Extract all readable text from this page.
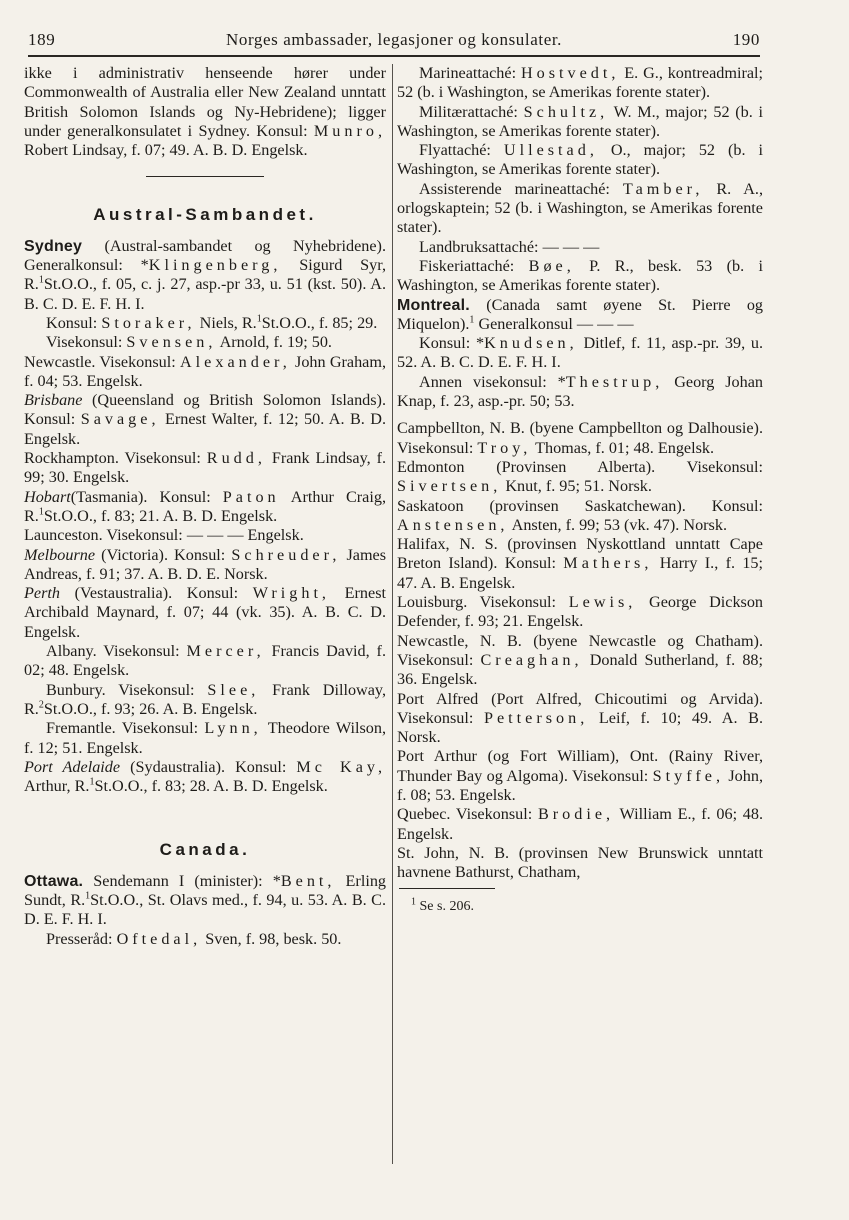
189	Norges ambassader, legasjoner og konsulater.	190

ikke i administrativ henseende hører under Commonwealth of Australia eller New Zealand unntatt British Solomon Islands og Ny-Hebridene); ligger under generalkonsulatet i Sydney. Konsul: Munro, Robert Lindsay, f. 07; 49. A. B. D. Engelsk.

Austral-Sambandet.

Sydney (Austral-sambandet og Nyhebridene). Generalkonsul: *Klingenberg, Sigurd Syr, R.$^1$St.O.O., f. 05, c. j. 27, asp.-pr 33, u. 51 (kst. 50). A. B. C. D. E. F. H. I.

Konsul: Storaker, Niels, R.$^1$St.O.O., f. 85; 29.

Visekonsul: Svensen, Arnold, f. 19; 50.

Newcastle. Visekonsul: Alexander, John Graham, f. 04; 53. Engelsk.

Brisbane (Queensland og British Solomon Islands). Konsul: Savage, Ernest Walter, f. 12; 50. A. B. D. Engelsk.

Rockhampton. Visekonsul: Rudd, Frank Lindsay, f. 99; 30. Engelsk.

Hobart(Tasmania). Konsul: Paton Arthur Craig, R.$^1$St.O.O., f. 83; 21. A. B. D. Engelsk.

Launceston. Visekonsul: — — — Engelsk.

Melbourne (Victoria). Konsul: Schreuder, James Andreas, f. 91; 37. A. B. D. E. Norsk.

Perth (Vestaustralia). Konsul: Wright, Ernest Archibald Maynard, f. 07; 44 (vk. 35). A. B. C. D. Engelsk.

Albany. Visekonsul: Mercer, Francis David, f. 02; 48. Engelsk.

Bunbury. Visekonsul: Slee, Frank Dilloway, R.$^2$St.O.O., f. 93; 26. A. B. Engelsk.

Fremantle. Visekonsul: Lynn, Theodore Wilson, f. 12; 51. Engelsk.

Port Adelaide (Sydaustralia). Konsul: Mc Kay, Arthur, R.$^1$St.O.O., f. 83; 28. A. B. D. Engelsk.

Canada.

Ottawa. Sendemann I (minister): *Bent, Erling Sundt, R.$^1$St.O.O., St. Olavs med., f. 94, u. 53. A. B. C. D. E. F. H. I.

Presseråd: Oftedal, Sven, f. 98, besk. 50.

Marineattaché: Hostvedt, E. G., kontreadmiral; 52 (b. i Washington, se Amerikas forente stater).

Militærattaché: Schultz, W. M., major; 52 (b. i Washington, se Amerikas forente stater).

Flyattaché: Ullestad, O., major; 52 (b. i Washington, se Amerikas forente stater).

Assisterende marineattaché: Tamber, R. A., orlogskaptein; 52 (b. i Washington, se Amerikas forente stater).

Landbruksattaché: — — —

Fiskeriattaché: Bøe, P. R., besk. 53 (b. i Washington, se Amerikas forente stater).

Montreal. (Canada samt øyene St. Pierre og Miquelon).$^1$ Generalkonsul — — —

Konsul: *Knudsen, Ditlef, f. 11, asp.-pr. 39, u. 52. A. B. C. D. E. F. H. I.

Annen visekonsul: *Thestrup, Georg Johan Knap, f. 23, asp.-pr. 50; 53.

Campbellton, N. B. (byene Campbellton og Dalhousie). Visekonsul: Troy, Thomas, f. 01; 48. Engelsk.

Edmonton (Provinsen Alberta). Visekonsul: Sivertsen, Knut, f. 95; 51. Norsk.

Saskatoon (provinsen Saskatchewan). Konsul: Anstensen, Ansten, f. 99; 53 (vk. 47). Norsk.

Halifax, N. S. (provinsen Nyskottland unntatt Cape Breton Island). Konsul: Mathers, Harry I., f. 15; 47. A. B. Engelsk.

Louisburg. Visekonsul: Lewis, George Dickson Defender, f. 93; 21. Engelsk.

Newcastle, N. B. (byene Newcastle og Chatham). Visekonsul: Creaghan, Donald Sutherland, f. 88; 36. Engelsk.

Port Alfred (Port Alfred, Chicoutimi og Arvida). Visekonsul: Petterson, Leif, f. 10; 49. A. B. Norsk.

Port Arthur (og Fort William), Ont. (Rainy River, Thunder Bay og Algoma). Visekonsul: Styffe, John, f. 08; 53. Engelsk.

Quebec. Visekonsul: Brodie, William E., f. 06; 48. Engelsk.

St. John, N. B. (provinsen New Brunswick unntatt havnene Bathurst, Chatham,

$^1$ Se s. 206.
